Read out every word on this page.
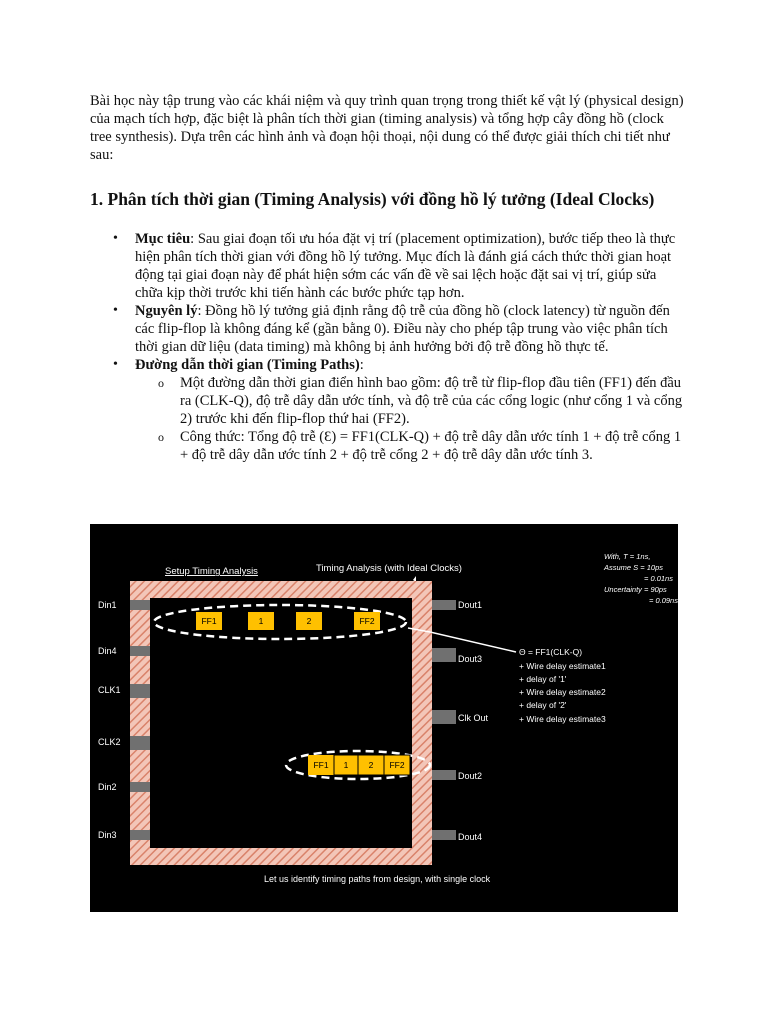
Bài học này tập trung vào các khái niệm và quy trình quan trọng trong thiết kế vật lý (physical design) của mạch tích hợp, đặc biệt là phân tích thời gian (timing analysis) và tổng hợp cây đồng hồ (clock tree synthesis). Dựa trên các hình ảnh và đoạn hội thoại, nội dung có thể được giải thích chi tiết như sau:

1. Phân tích thời gian (Timing Analysis) với đồng hồ lý tưởng (Ideal Clocks)
• Mục tiêu: Sau giai đoạn tối ưu hóa đặt vị trí (placement optimization), bước tiếp theo là thực hiện phân tích thời gian với đồng hồ lý tưởng. Mục đích là đánh giá cách thức thời gian hoạt động tại giai đoạn này để phát hiện sớm các vấn đề về sai lệch hoặc đặt sai vị trí, giúp sửa chữa kịp thời trước khi tiến hành các bước phức tạp hơn.
• Nguyên lý: Đồng hồ lý tưởng giả định rằng độ trễ của đồng hồ (clock latency) từ nguồn đến các flip-flop là không đáng kể (gần bằng 0). Điều này cho phép tập trung vào việc phân tích thời gian dữ liệu (data timing) mà không bị ảnh hưởng bởi độ trễ đồng hồ thực tế.
• Đường dẫn thời gian (Timing Paths):
o Một đường dẫn thời gian điển hình bao gồm: độ trễ từ flip-flop đầu tiên (FF1) đến đầu ra (CLK-Q), độ trễ dây dẫn ước tính, và độ trễ của các cổng logic (như cổng 1 và cổng 2) trước khi đến flip-flop thứ hai (FF2).
o Công thức: Tổng độ trễ (Ɛ) = FF1(CLK-Q) + độ trễ dây dẫn ước tính 1 + độ trễ cổng 1 + độ trễ dây dẫn ước tính 2 + độ trễ cổng 2 + độ trễ dây dẫn ước tính 3.
Setup Timing Analysis	Timing Analysis (with Ideal Clocks)
With, T = 1ns,
Assume S = 10ps
= 0.01ns
Uncertainty = 90ps
= 0.09ns
Din1
Din4
CLK1
CLK2
Din2
Din3
Dout1
Dout3
Clk Out
Dout2
Dout4
FF1	1	2	FF2
Θ = FF1(CLK-Q)
+ Wire delay estimate1
+ delay of '1'
+ Wire delay estimate2
+ delay of '2'
+ Wire delay estimate3
FF1 1 2 FF2
Let us identify timing paths from design, with single clock
